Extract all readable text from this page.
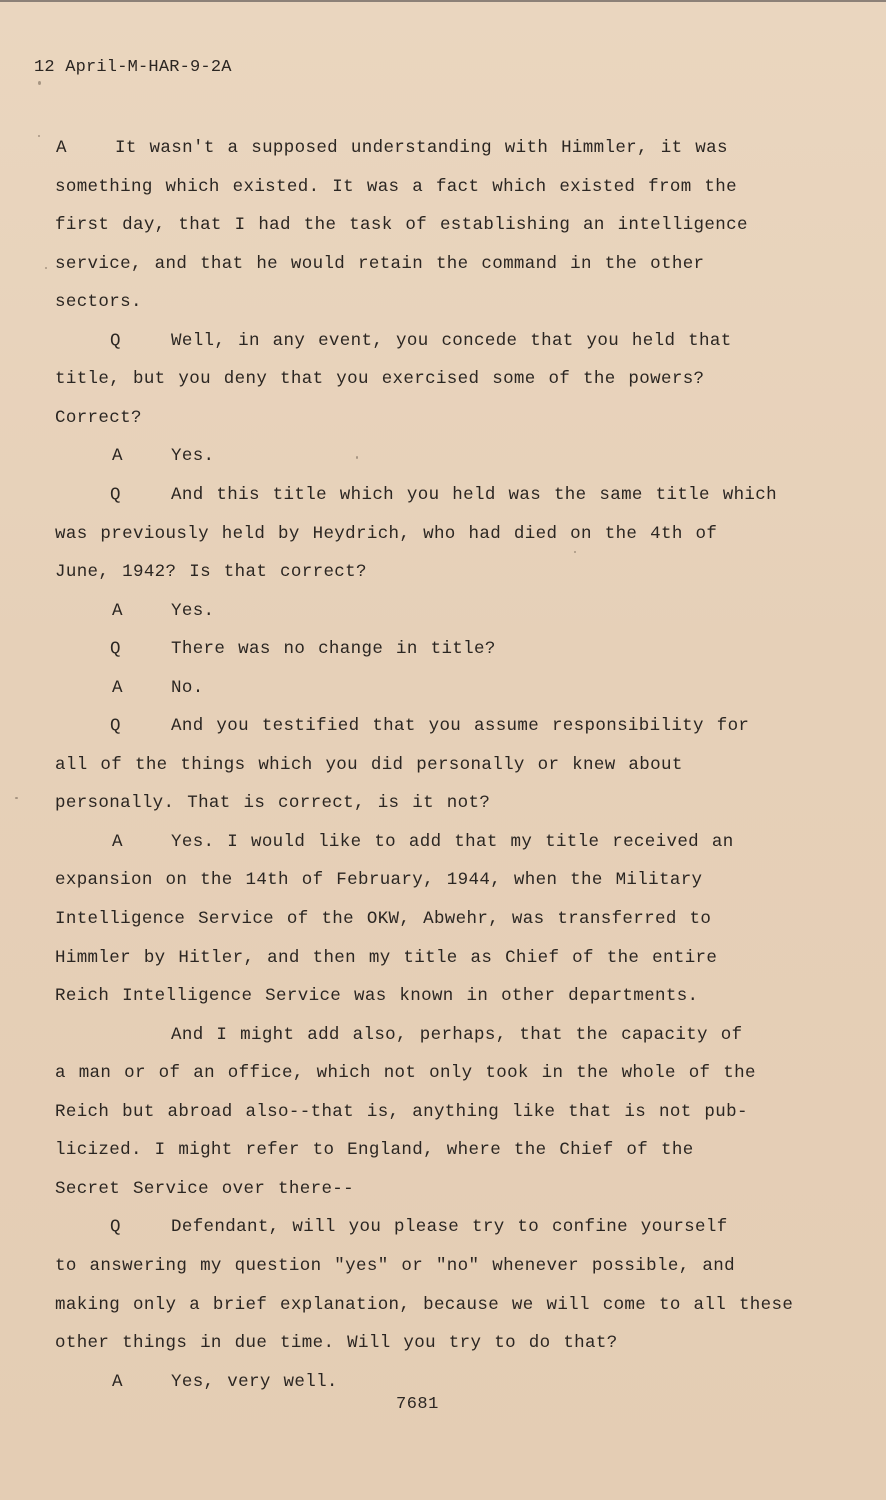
12 April-M-HAR-9-2A
A	It wasn't a supposed understanding with Himmler, it was
something which existed. It was a fact which existed from the
first day, that I had the task of establishing an intelligence
service, and that he would retain the command in the other
sectors.
Q	Well, in any event, you concede that you held that
title, but you deny that you exercised some of the powers?
Correct?
A	Yes.
Q	And this title which you held was the same title which
was previously held by Heydrich, who had died on the 4th of
June, 1942? Is that correct?
A	Yes.
Q	There was no change in title?
A	No.
Q	And you testified that you assume responsibility for
all of the things which you did personally or knew about
personally. That is correct, is it not?
A	Yes. I would like to add that my title received an
expansion on the 14th of February, 1944, when the Military
Intelligence Service of the OKW, Abwehr, was transferred to
Himmler by Hitler, and then my title as Chief of the entire
Reich Intelligence Service was known in other departments.
And I might add also, perhaps, that the capacity of
a man or of an office, which not only took in the whole of the
Reich but abroad also--that is, anything like that is not pub-
licized. I might refer to England, where the Chief of the
Secret Service over there--
Q	Defendant, will you please try to confine yourself
to answering my question "yes" or "no" whenever possible, and
making only a brief explanation, because we will come to all these
other things in due time. Will you try to do that?
A	Yes, very well.
7681
